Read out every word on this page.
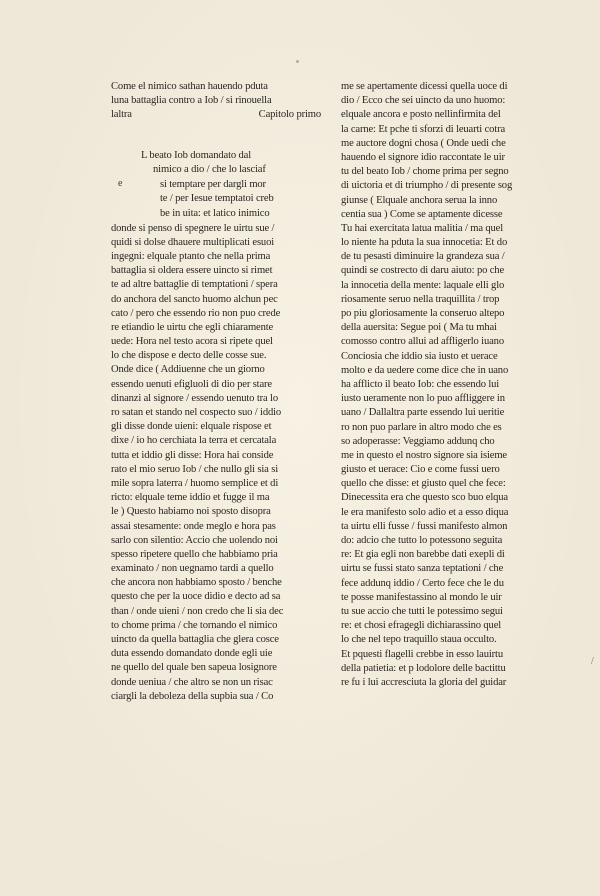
Come el nimico sathan hauendo pduta
luna battaglia contro a Iob / si rinouella
laltra	Capitolo primo
L beato Iob domandato dal
nimico a dio / che lo lasciaf
si temptare per dargli mor
te / per Iesue temptatoi creb
be in uita: et latico inimico
donde si penso di spegnere le uirtu sue /
quidi si dolse dhauere multiplicati esuoi
ingegni: elquale ptanto che nella prima
battaglia si oldera essere uincto si rimet
te ad altre battaglie di temptationi / spera
do anchora del sancto huomo alchun pec
cato / pero che essendo rio non puo crede
re etiandio le uirtu che egli chiaramente
uede: Hora nel testo acora si ripete quel
lo che dispose e decto delle cosse sue.
Onde dice ( Addiuenne che un giorno
essendo uenuti efigluoli di dio per stare
dinanzi al signore / essendo uenuto tra lo
ro satan et stando nel cospecto suo / iddio
gli disse donde uieni: elquale rispose et
dixe / io ho cerchiata la terra et cercatala
tutta et iddio gli disse: Hora hai conside
rato el mio seruo Iob / che nullo gli sia si
mile sopra laterra / huomo semplice et di
ricto: elquale teme iddio et fugge il ma
le ) Questo habiamo noi sposto disopra
assai stesamente: onde meglo e hora pas
sarlo con silentio: Accio che uolendo noi
spesso ripetere quello che habbiamo pria
examinato / non uegnamo tardi a quello
che ancora non habbiamo sposto / benche
questo che per la uoce didio e decto ad sa
than / onde uieni / non credo che li sia dec
to chome prima / che tornando el nimico
uincto da quella battaglia che glera cosce
duta essendo domandato donde egli uie
ne quello del quale ben sapeua losignore
donde ueniua / che altro se non un risac
ciargli la deboleza della supbia sua / Co
e
me se apertamente dicessi quella uoce di
dio / Ecco che sei uincto da uno huomo:
elquale ancora e posto nellinfirmita del
la carne: Et pche ti sforzi di leuarti cotra
me auctore dogni chosa ( Onde uedi che
hauendo el signore idio raccontate le uir
tu del beato Iob / chome prima per segno
di uictoria et di triumpho / di presente sog
giunse ( Elquale anchora serua la inno
centia sua ) Come se aptamente dicesse
Tu hai exercitata latua malitia / ma quel
lo niente ha pduta la sua innocetia: Et do
de tu pesasti diminuire la grandeza sua /
quindi se costrecto di daru aiuto: po che
la innocetia della mente: laquale elli glo
riosamente seruo nella traquillita / trop
po piu gloriosamente la conseruo altepo
della auersita: Segue poi ( Ma tu mhai
comosso contro allui ad affligerlo iuano
Conciosia che iddio sia iusto et uerace
molto e da uedere come dice che in uano
ha afflicto il beato Iob: che essendo lui
iusto ueramente non lo puo affliggere in
uano / Dallaltra parte essendo lui ueritie
ro non puo parlare in altro modo che es
so adoperasse: Veggiamo addunq cho
me in questo el nostro signore sia isieme
giusto et uerace: Cio e come fussi uero
quello che disse: et giusto quel che fece:
Dinecessita era che questo sco buo elqua
le era manifesto solo adio et a esso diqua
ta uirtu elli fusse / fussi manifesto almon
do: adcio che tutto lo potessono seguita
re: Et gia egli non barebbe dati exepli di
uirtu se fussi stato sanza teptationi / che
fece addunq iddio / Certo fece che le du
te posse manifestassino al mondo le uir
tu sue accio che tutti le potessimo segui
re: et chosi efragegli dichiarassino quel
lo che nel tepo traquillo staua occulto.
Et pquesti flagelli crebbe in esso lauirtu
della patietia: et p lodolore delle bactittu
re fu i lui accresciuta la gloria del guidar
/
